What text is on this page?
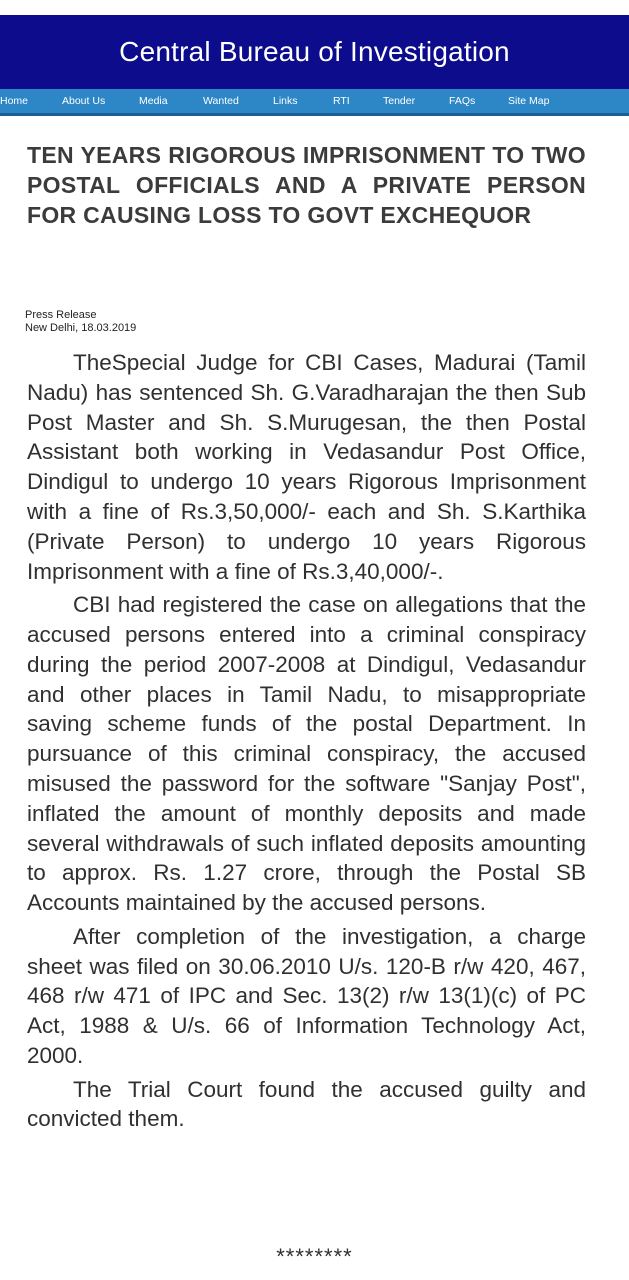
Central Bureau of Investigation
Home	About Us	Media	Wanted	Links	RTI	Tender	FAQs	Site Map
TEN YEARS RIGOROUS IMPRISONMENT TO TWO POSTAL OFFICIALS AND A PRIVATE PERSON FOR CAUSING LOSS TO GOVT EXCHEQUOR
Press Release
New Delhi, 18.03.2019

TheSpecial Judge for CBI Cases, Madurai (Tamil Nadu) has sentenced Sh. G.Varadharajan the then Sub Post Master and Sh. S.Murugesan, the then Postal Assistant both working in Vedasandur Post Office, Dindigul to undergo 10 years Rigorous Imprisonment with a fine of Rs.3,50,000/- each and Sh. S.Karthika (Private Person) to undergo 10 years Rigorous Imprisonment with a fine of Rs.3,40,000/-.

CBI had registered the case on allegations that the accused persons entered into a criminal conspiracy during the period 2007-2008 at Dindigul, Vedasandur and other places in Tamil Nadu, to misappropriate saving scheme funds of the postal Department. In pursuance of this criminal conspiracy, the accused misused the password for the software "Sanjay Post", inflated the amount of monthly deposits and made several withdrawals of such inflated deposits amounting to approx. Rs. 1.27 crore, through the Postal SB Accounts maintained by the accused persons.

After completion of the investigation, a charge sheet was filed on 30.06.2010 U/s. 120-B r/w 420, 467, 468 r/w 471 of IPC and Sec. 13(2) r/w 13(1)(c) of PC Act, 1988 & U/s. 66 of Information Technology Act, 2000.

The Trial Court found the accused guilty and convicted them.

********
